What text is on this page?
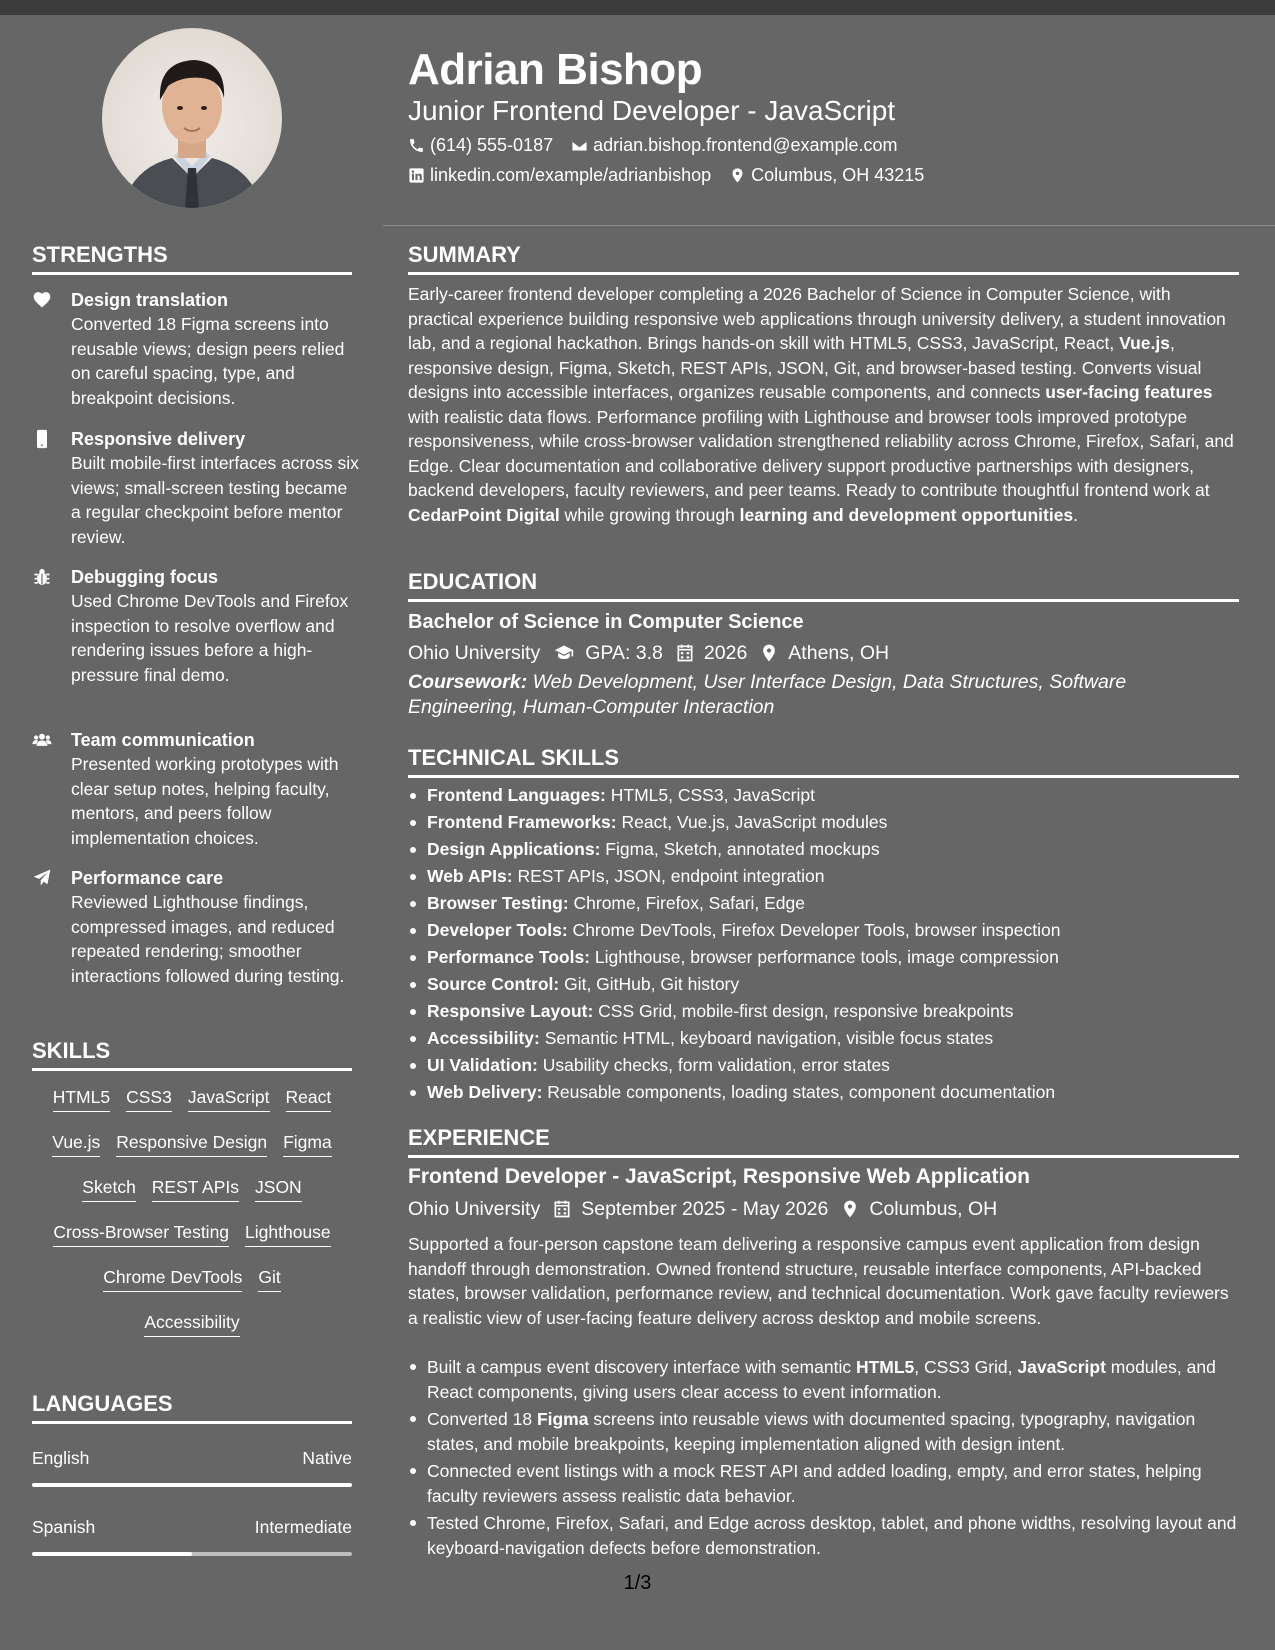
Adrian Bishop
Junior Frontend Developer - JavaScript
(614) 555-0187 adrian.bishop.frontend@example.com
linkedin.com/example/adrianbishop Columbus, OH 43215
STRENGTHS
Design translation
Converted 18 Figma screens into reusable views; design peers relied on careful spacing, type, and breakpoint decisions.
Responsive delivery
Built mobile-first interfaces across six views; small-screen testing became a regular checkpoint before mentor review.
Debugging focus
Used Chrome DevTools and Firefox inspection to resolve overflow and rendering issues before a high-pressure final demo.
Team communication
Presented working prototypes with clear setup notes, helping faculty, mentors, and peers follow implementation choices.
Performance care
Reviewed Lighthouse findings, compressed images, and reduced repeated rendering; smoother interactions followed during testing.
SKILLS
HTML5 CSS3 JavaScript React
Vue.js Responsive Design Figma
Sketch REST APIs JSON
Cross-Browser Testing Lighthouse
Chrome DevTools Git
Accessibility
LANGUAGES
English	Native
Spanish	Intermediate
SUMMARY
Early-career frontend developer completing a 2026 Bachelor of Science in Computer Science, with practical experience building responsive web applications through university delivery, a student innovation lab, and a regional hackathon. Brings hands-on skill with HTML5, CSS3, JavaScript, React, Vue.js, responsive design, Figma, Sketch, REST APIs, JSON, Git, and browser-based testing. Converts visual designs into accessible interfaces, organizes reusable components, and connects user-facing features with realistic data flows. Performance profiling with Lighthouse and browser tools improved prototype responsiveness, while cross-browser validation strengthened reliability across Chrome, Firefox, Safari, and Edge. Clear documentation and collaborative delivery support productive partnerships with designers, backend developers, faculty reviewers, and peer teams. Ready to contribute thoughtful frontend work at CedarPoint Digital while growing through learning and development opportunities.
EDUCATION
Bachelor of Science in Computer Science
Ohio University GPA: 3.8 2026 Athens, OH
Coursework: Web Development, User Interface Design, Data Structures, Software Engineering, Human-Computer Interaction
TECHNICAL SKILLS
Frontend Languages: HTML5, CSS3, JavaScript
Frontend Frameworks: React, Vue.js, JavaScript modules
Design Applications: Figma, Sketch, annotated mockups
Web APIs: REST APIs, JSON, endpoint integration
Browser Testing: Chrome, Firefox, Safari, Edge
Developer Tools: Chrome DevTools, Firefox Developer Tools, browser inspection
Performance Tools: Lighthouse, browser performance tools, image compression
Source Control: Git, GitHub, Git history
Responsive Layout: CSS Grid, mobile-first design, responsive breakpoints
Accessibility: Semantic HTML, keyboard navigation, visible focus states
UI Validation: Usability checks, form validation, error states
Web Delivery: Reusable components, loading states, component documentation
EXPERIENCE
Frontend Developer - JavaScript, Responsive Web Application
Ohio University September 2025 - May 2026 Columbus, OH
Supported a four-person capstone team delivering a responsive campus event application from design handoff through demonstration. Owned frontend structure, reusable interface components, API-backed states, browser validation, performance review, and technical documentation. Work gave faculty reviewers a realistic view of user-facing feature delivery across desktop and mobile screens.
Built a campus event discovery interface with semantic HTML5, CSS3 Grid, JavaScript modules, and React components, giving users clear access to event information.
Converted 18 Figma screens into reusable views with documented spacing, typography, navigation states, and mobile breakpoints, keeping implementation aligned with design intent.
Connected event listings with a mock REST API and added loading, empty, and error states, helping faculty reviewers assess realistic data behavior.
Tested Chrome, Firefox, Safari, and Edge across desktop, tablet, and phone widths, resolving layout and keyboard-navigation defects before demonstration.
1/3
